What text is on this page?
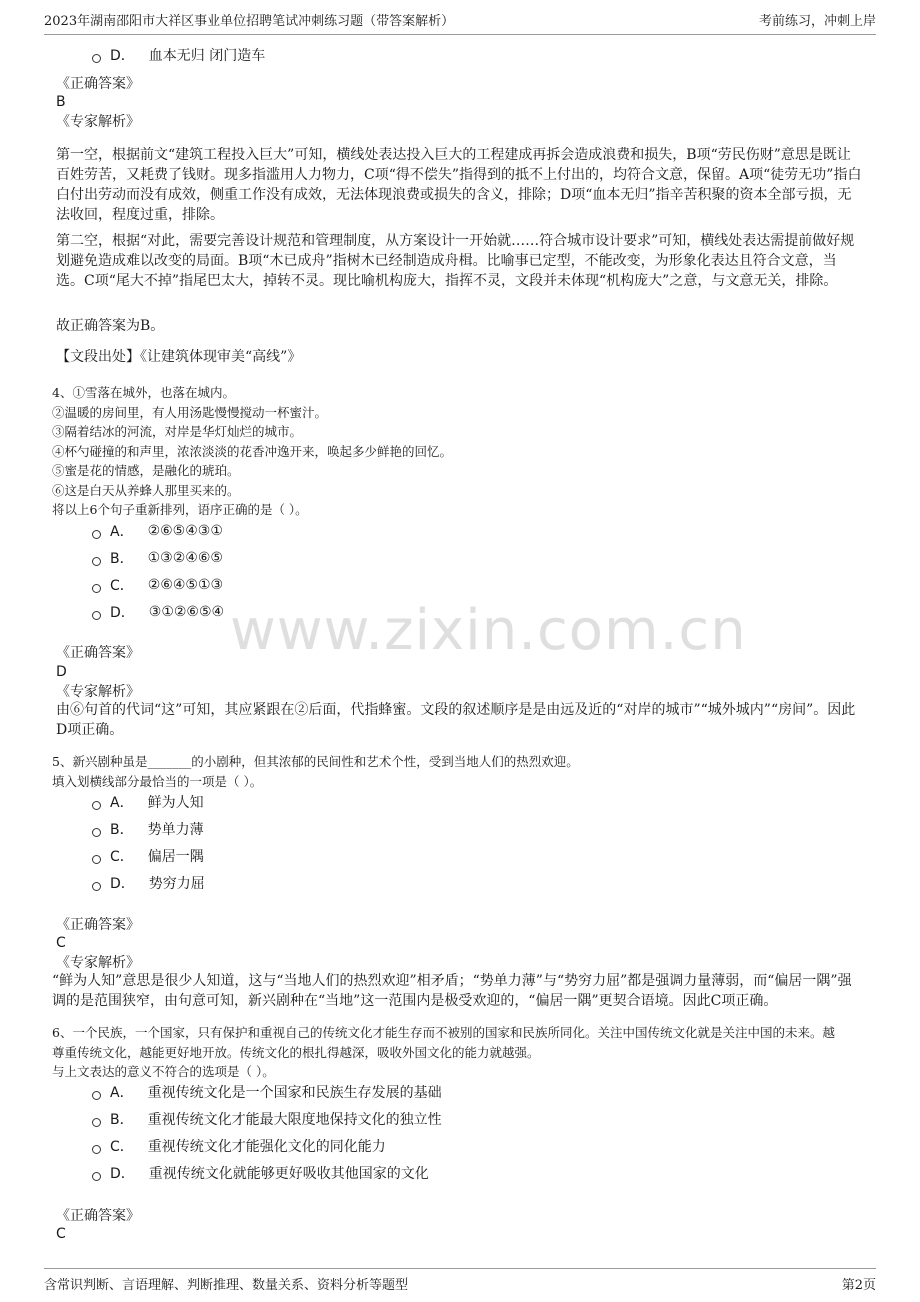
2023年湖南邵阳市大祥区事业单位招聘笔试冲刺练习题（带答案解析）	考前练习，冲刺上岸
www.zixin.com.cn
D． 血本无归 闭门造车
《正确答案》
B
《专家解析》
第一空，根据前文“建筑工程投入巨大”可知，横线处表达投入巨大的工程建成再拆会造成浪费和损失，B项“劳民伤财”意思是既让百姓劳苦，又耗费了钱财。现多指滥用人力物力，C项“得不偿失”指得到的抵不上付出的，均符合文意，保留。A项“徒劳无功”指白白付出劳动而没有成效，侧重工作没有成效，无法体现浪费或损失的含义，排除；D项“血本无归”指辛苦积聚的资本全部亏损，无法收回，程度过重，排除。
第二空，根据“对此，需要完善设计规范和管理制度，从方案设计一开始就……符合城市设计要求”可知，横线处表达需提前做好规划避免造成难以改变的局面。B项“木已成舟”指树木已经制造成舟楫。比喻事已定型，不能改变，为形象化表达且符合文意，当选。C项“尾大不掉”指尾巴太大，掉转不灵。现比喻机构庞大，指挥不灵，文段并未体现“机构庞大”之意，与文意无关，排除。
故正确答案为B。
【文段出处】《让建筑体现审美“高线”》
4、①雪落在城外，也落在城内。
②温暖的房间里，有人用汤匙慢慢搅动一杯蜜汁。
③隔着结冰的河流，对岸是华灯灿烂的城市。
④杯勺碰撞的和声里，浓浓淡淡的花香冲逸开来，唤起多少鲜艳的回忆。
⑤蜜是花的情感，是融化的琥珀。
⑥这是白天从养蜂人那里买来的。
将以上6个句子重新排列，语序正确的是（ ）。
A． ②⑥⑤④③①
B． ①③②④⑥⑤
C． ②⑥④⑤①③
D． ③①②⑥⑤④
《正确答案》
D
《专家解析》
由⑥句首的代词“这”可知，其应紧跟在②后面，代指蜂蜜。文段的叙述顺序是是由远及近的“对岸的城市”“城外城内”“房间”。因此D项正确。
5、新兴剧种虽是_______的小剧种，但其浓郁的民间性和艺术个性，受到当地人们的热烈欢迎。
填入划横线部分最恰当的一项是（ ）。
A． 鲜为人知
B． 势单力薄
C． 偏居一隅
D． 势穷力屈
《正确答案》
C
《专家解析》
“鲜为人知”意思是很少人知道，这与“当地人们的热烈欢迎”相矛盾；“势单力薄”与“势穷力屈”都是强调力量薄弱，而“偏居一隅”强调的是范围狭窄，由句意可知，新兴剧种在“当地”这一范围内是极受欢迎的，“偏居一隅”更契合语境。因此C项正确。
6、一个民族，一个国家，只有保护和重视自己的传统文化才能生存而不被别的国家和民族所同化。关注中国传统文化就是关注中国的未来。越
尊重传统文化，越能更好地开放。传统文化的根扎得越深，吸收外国文化的能力就越强。
与上文表达的意义不符合的选项是（ ）。
A． 重视传统文化是一个国家和民族生存发展的基础
B． 重视传统文化才能最大限度地保持文化的独立性
C． 重视传统文化才能强化文化的同化能力
D． 重视传统文化就能够更好吸收其他国家的文化
《正确答案》
C
含常识判断、言语理解、判断推理、数量关系、资料分析等题型	第2页
